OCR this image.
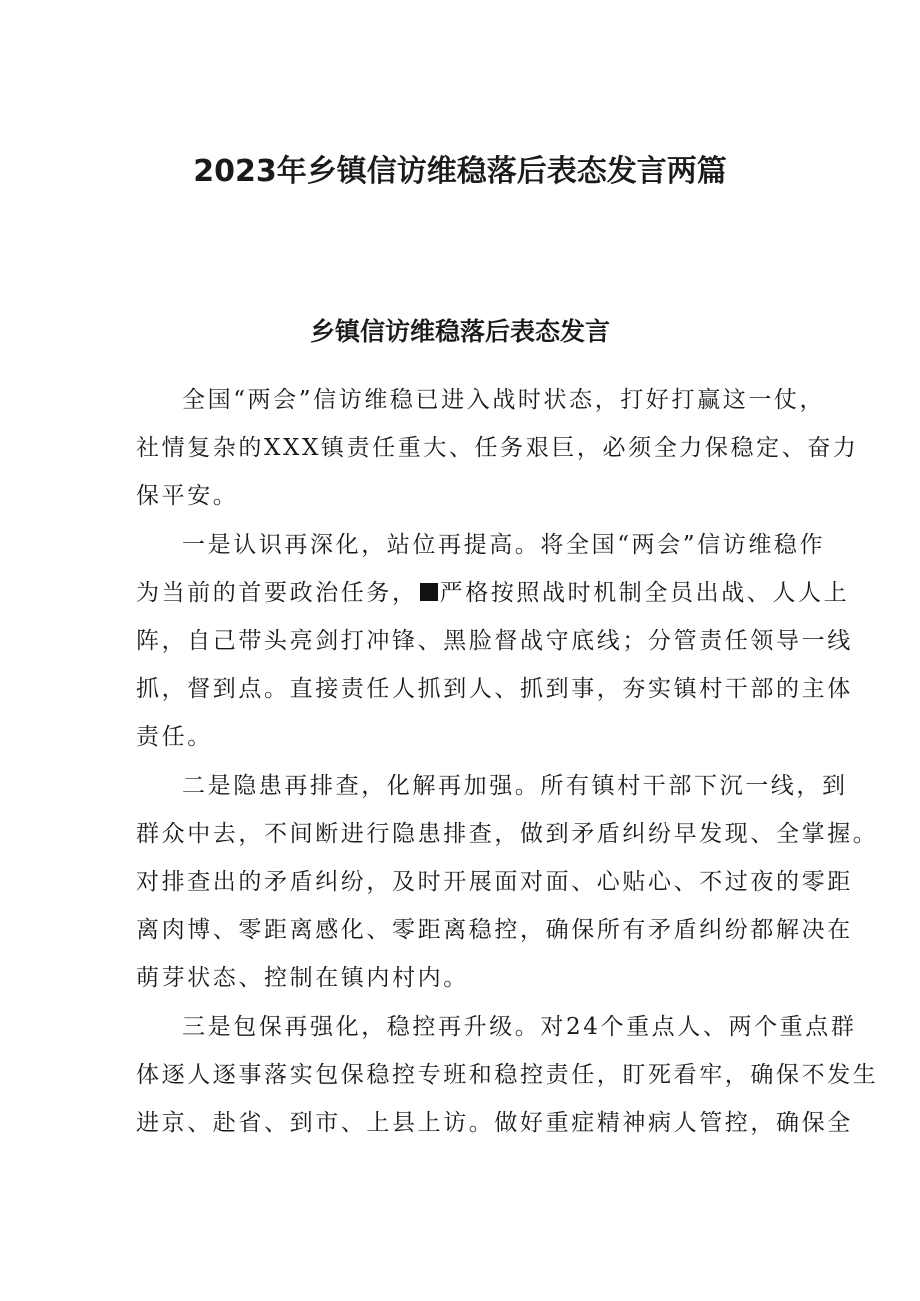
2023年乡镇信访维稳落后表态发言两篇
乡镇信访维稳落后表态发言

全国“两会”信访维稳已进入战时状态，打好打赢这一仗，
社情复杂的XXX镇责任重大、任务艰巨，必须全力保稳定、奋力
保平安。

一是认识再深化，站位再提高。将全国“两会”信访维稳作
为当前的首要政治任务， 严格按照战时机制全员出战、人人上
阵，自己带头亮剑打冲锋、黑脸督战守底线；分管责任领导一线
抓，督到点。直接责任人抓到人、抓到事，夯实镇村干部的主体
责任。

二是隐患再排查，化解再加强。所有镇村干部下沉一线，到
群众中去，不间断进行隐患排查，做到矛盾纠纷早发现、全掌握。
对排查出的矛盾纠纷，及时开展面对面、心贴心、不过夜的零距
离肉博、零距离感化、零距离稳控，确保所有矛盾纠纷都解决在
萌芽状态、控制在镇内村内。

三是包保再强化，稳控再升级。对24个重点人、两个重点群
体逐人逐事落实包保稳控专班和稳控责任，盯死看牢，确保不发生
进京、赴省、到市、上县上访。做好重症精神病人管控，确保全
